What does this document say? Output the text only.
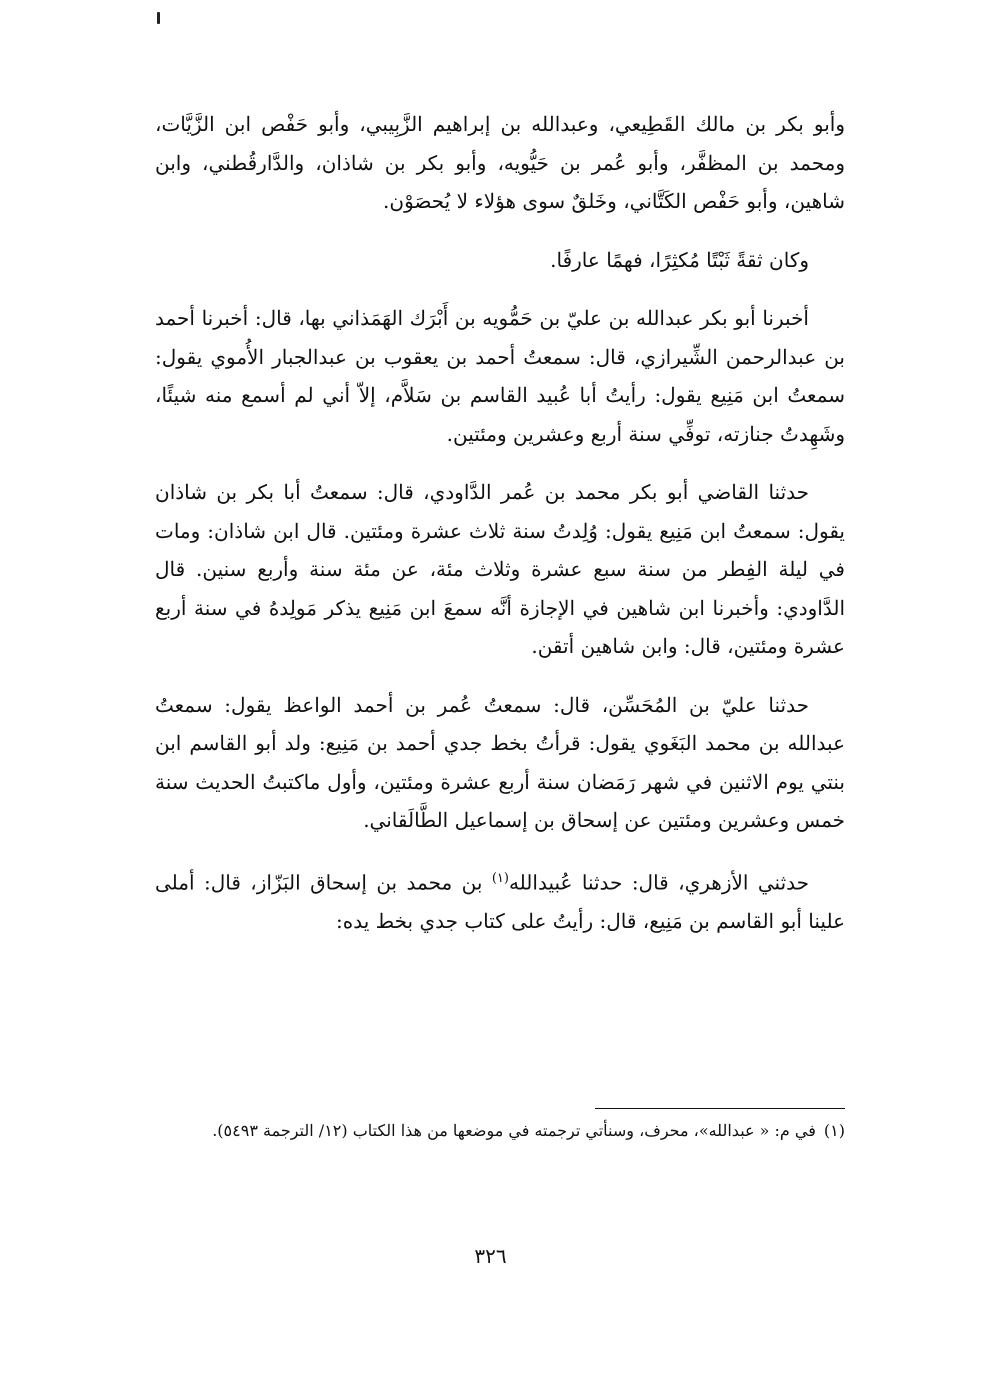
وأبو بكر بن مالك القَطِيعي، وعبدالله بن إبراهيم الزَّبِيبي، وأبو حَفْص ابن الزَّيَّات، ومحمد بن المظفَّر، وأبو عُمر بن حَيُّويه، وأبو بكر بن شاذان، والدَّارقُطني، وابن شاهين، وأبو حَفْص الكَتَّاني، وخَلقٌ سوى هؤلاء لا يُحصَوْن.

وكان ثقةً ثَبْتًا مُكثِرًا، فهمًا عارفًا.

أخبرنا أبو بكر عبدالله بن عليّ بن حَمُّويه بن أَبْرَك الهَمَذاني بها، قال: أخبرنا أحمد بن عبدالرحمن الشِّيرازي، قال: سمعتُ أحمد بن يعقوب بن عبدالجبار الأُموي يقول: سمعتُ ابن مَنِيع يقول: رأيتُ أبا عُبيد القاسم بن سَلاَّم، إلاّ أني لم أسمع منه شيئًا، وشَهِدتُ جنازته، توفِّي سنة أربع وعشرين ومئتين.

حدثنا القاضي أبو بكر محمد بن عُمر الدَّاودي، قال: سمعتُ أبا بكر بن شاذان يقول: سمعتُ ابن مَنِيع يقول: وُلِدتُ سنة ثلاث عشرة ومئتين. قال ابن شاذان: ومات في ليلة الفِطر من سنة سبع عشرة وثلاث مئة، عن مئة سنة وأربع سنين. قال الدَّاودي: وأخبرنا ابن شاهين في الإجازة أنَّه سمعَ ابن مَنِيع يذكر مَولِدهُ في سنة أربع عشرة ومئتين، قال: وابن شاهين أتقن.

حدثنا عليّ بن المُحَسِّن، قال: سمعتُ عُمر بن أحمد الواعظ يقول: سمعتُ عبدالله بن محمد البَغَوي يقول: قرأتُ بخط جدي أحمد بن مَنِيع: ولد أبو القاسم ابن بنتي يوم الاثنين في شهر رَمَضان سنة أربع عشرة ومئتين، وأول ماكتبتُ الحديث سنة خمس وعشرين ومئتين عن إسحاق بن إسماعيل الطَّالَقاني.

حدثني الأزهري، قال: حدثنا عُبيدالله$^{(١)}$ بن محمد بن إسحاق البَزّاز، قال: أملى علينا أبو القاسم بن مَنِيع، قال: رأيتُ على كتاب جدي بخط يده:

(١)في م: « عبدالله»، محرف، وسنأتي ترجمته في موضعها من هذا الكتاب (١٢/ الترجمة ٥٤٩٣).
٣٢٦
